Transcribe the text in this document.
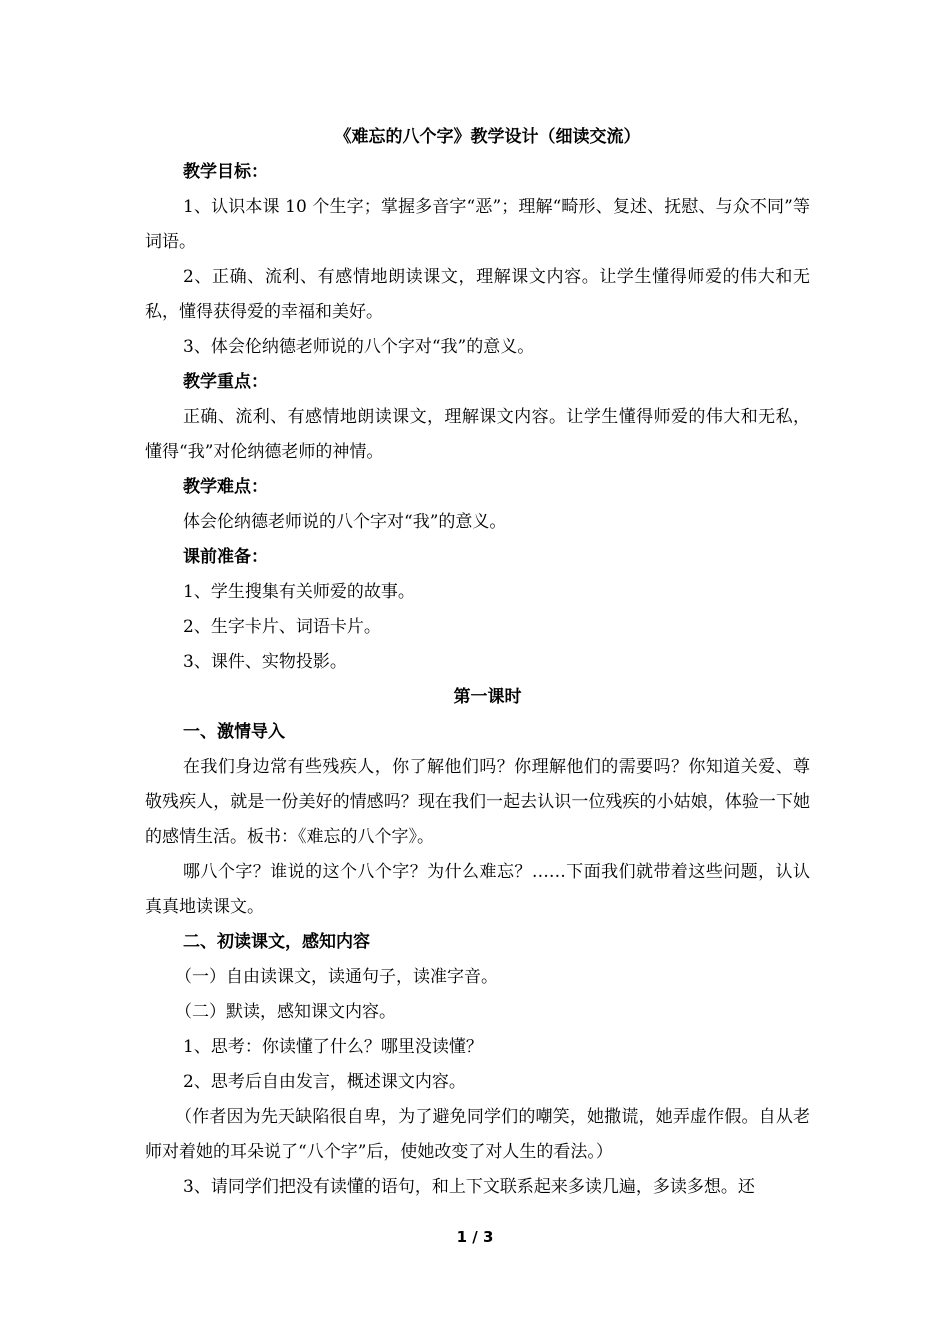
《难忘的八个字》教学设计（细读交流）
教学目标：

1、认识本课 10 个生字；掌握多音字“恶”；理解“畸形、复述、抚慰、与众不同”等词语。

2、正确、流利、有感情地朗读课文，理解课文内容。让学生懂得师爱的伟大和无私，懂得获得爱的幸福和美好。

3、体会伦纳德老师说的八个字对“我”的意义。

教学重点：

正确、流利、有感情地朗读课文，理解课文内容。让学生懂得师爱的伟大和无私，懂得“我”对伦纳德老师的神情。

教学难点：

体会伦纳德老师说的八个字对“我”的意义。

课前准备：

1、学生搜集有关师爱的故事。

2、生字卡片、词语卡片。

3、课件、实物投影。

第一课时
一、激情导入

在我们身边常有些残疾人，你了解他们吗？你理解他们的需要吗？你知道关爱、尊敬残疾人，就是一份美好的情感吗？现在我们一起去认识一位残疾的小姑娘，体验一下她的感情生活。板书：《难忘的八个字》。

哪八个字？谁说的这个八个字？为什么难忘？……下面我们就带着这些问题，认认真真地读课文。

二、初读课文，感知内容

（一）自由读课文，读通句子，读准字音。

（二）默读，感知课文内容。

1、思考：你读懂了什么？哪里没读懂？

2、思考后自由发言，概述课文内容。

（作者因为先天缺陷很自卑，为了避免同学们的嘲笑，她撒谎，她弄虚作假。自从老师对着她的耳朵说了“八个字”后，使她改变了对人生的看法。）

3、请同学们把没有读懂的语句，和上下文联系起来多读几遍，多读多想。还

1 / 3
